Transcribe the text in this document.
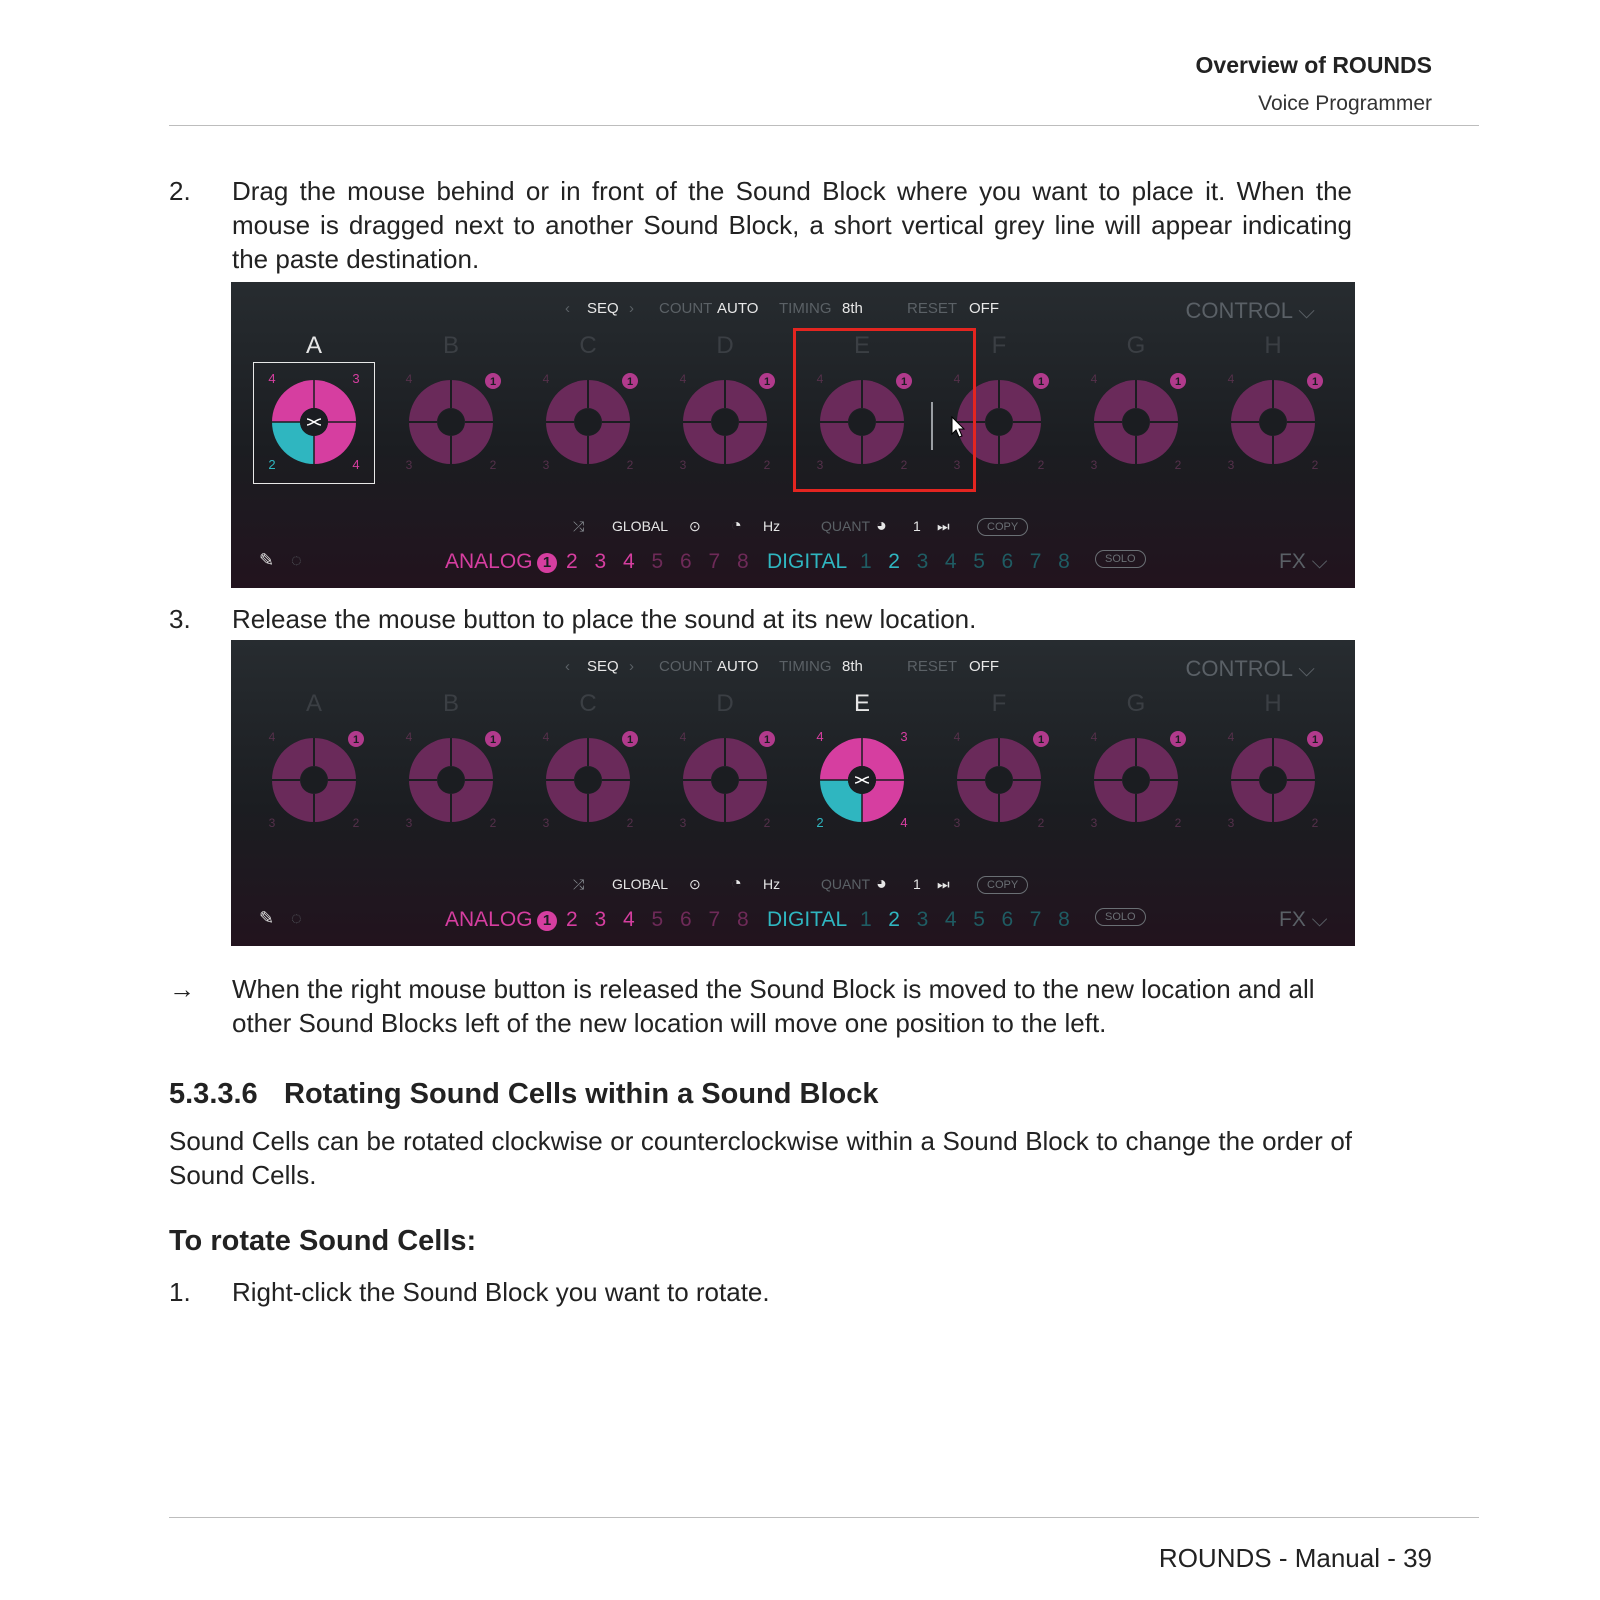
Overview of ROUNDS
Voice Programmer
2. Drag the mouse behind or in front of the Sound Block where you want to place it. When the mouse is dragged next to another Sound Block, a short vertical grey line will appear indicating the paste destination.
‹ SEQ › COUNT AUTO TIMING 8th	RESET OFF	CONTROL ⌵
A
4	3
2	4
B
1
4
3	2
C
1
4
3	2
D
1
4
3	2
E
1
4
3	2
F
1
4
3	2
G
1
4
3	2
H
1
4
3	2
⤮ GLOBAL ⊙ ◔ Hz	QUANT ◕ 1 ⏭	COPY
✎ ◌	ANALOG 1 2 3 4 5 6 7 8 DIGITAL 1 2 3 4 5 6 7 8	SOLO	FX ⌵
3. Release the mouse button to place the sound at its new location.
‹ SEQ › COUNT AUTO TIMING 8th	RESET OFF	CONTROL ⌵
A
1
4
3	2
B
1
4
3	2
C
1
4
3	2
D
1
4
3	2
E
4	3
2	4
F
1
4
3	2
G
1
4
3	2
H
1
4
3	2
⤮ GLOBAL ⊙ ◔ Hz	QUANT ◕ 1 ⏭	COPY
✎ ◌	ANALOG 1 2 3 4 5 6 7 8 DIGITAL 1 2 3 4 5 6 7 8	SOLO	FX ⌵
→ When the right mouse button is released the Sound Block is moved to the new location and all other Sound Blocks left of the new location will move one position to the left.
5.3.3.6 Rotating Sound Cells within a Sound Block
Sound Cells can be rotated clockwise or counterclockwise within a Sound Block to change the order of Sound Cells.
To rotate Sound Cells:
1. Right-click the Sound Block you want to rotate.
ROUNDS - Manual - 39
